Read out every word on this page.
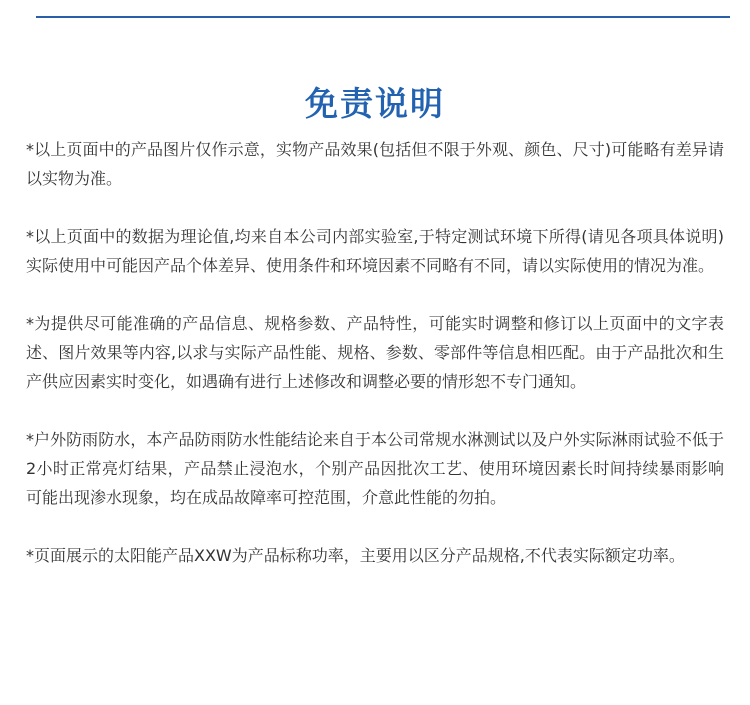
免责说明

*以上页面中的产品图片仅作示意，实物产品效果(包括但不限于外观、颜色、尺寸)可能略有差异请以实物为准。

*以上页面中的数据为理论值,均来自本公司内部实验室,于特定测试环境下所得(请见各项具体说明)实际使用中可能因产品个体差异、使用条件和环境因素不同略有不同，请以实际使用的情况为准。

*为提供尽可能准确的产品信息、规格参数、产品特性，可能实时调整和修订以上页面中的文字表述、图片效果等内容,以求与实际产品性能、规格、参数、零部件等信息相匹配。由于产品批次和生产供应因素实时变化，如遇确有进行上述修改和调整必要的情形恕不专门通知。

*户外防雨防水，本产品防雨防水性能结论来自于本公司常规水淋测试以及户外实际淋雨试验不低于2小时正常亮灯结果，产品禁止浸泡水，个别产品因批次工艺、使用环境因素长时间持续暴雨影响可能出现渗水现象，均在成品故障率可控范围，介意此性能的勿拍。

*页面展示的太阳能产品XXW为产品标称功率，主要用以区分产品规格,不代表实际额定功率。
